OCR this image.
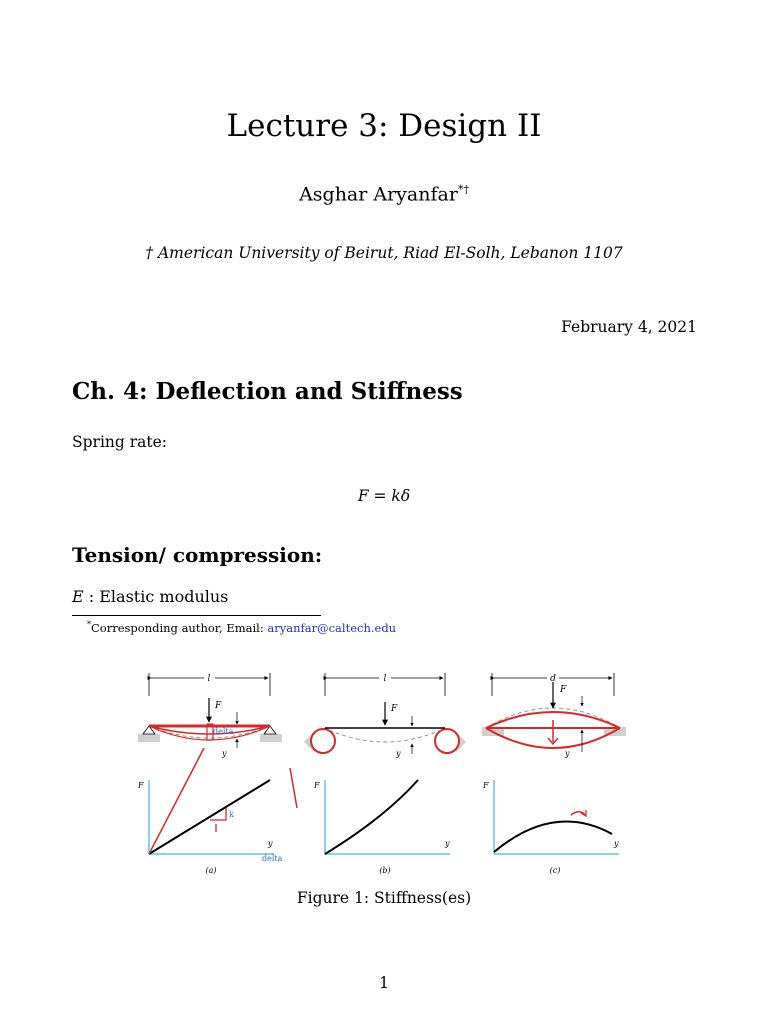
Lecture 3: Design II
Asghar Aryanfar*†
† American University of Beirut, Riad El-Solh, Lebanon 1107
February 4, 2021
Ch. 4: Deflection and Stiffness
Spring rate:
F = kδ
Tension/ compression:
E : Elastic modulus
*Corresponding author, Email: aryanfar@caltech.edu
l
F
y
delta
F
y
delta
k
(a)
l
F
y
F
y
(b)
d
F
y
F
y
(c)
Figure 1: Stiffness(es)
1
